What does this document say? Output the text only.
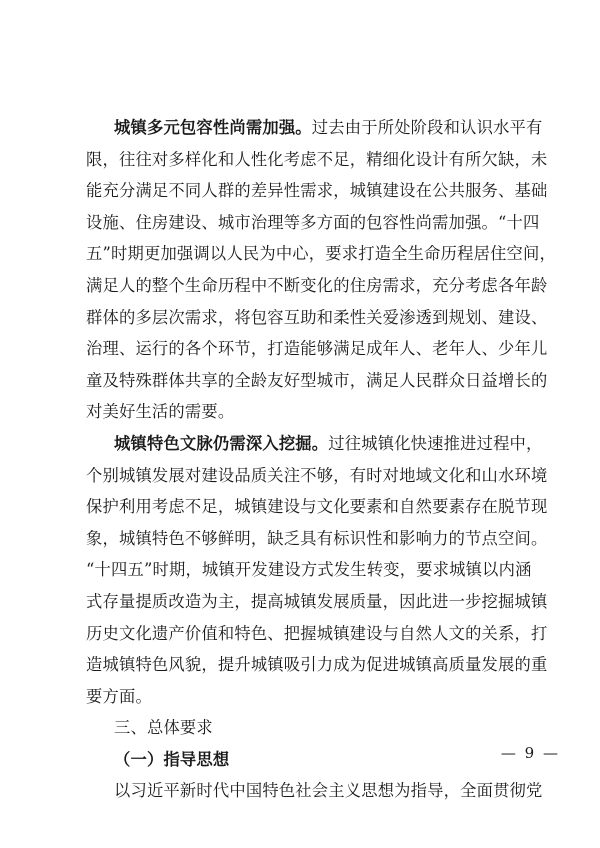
城镇多元包容性尚需加强。过去由于所处阶段和认识水平有
限，往往对多样化和人性化考虑不足，精细化设计有所欠缺，未
能充分满足不同人群的差异性需求，城镇建设在公共服务、基础
设施、住房建设、城市治理等多方面的包容性尚需加强。“十四
五”时期更加强调以人民为中心，要求打造全生命历程居住空间，
满足人的整个生命历程中不断变化的住房需求，充分考虑各年龄
群体的多层次需求，将包容互助和柔性关爱渗透到规划、建设、
治理、运行的各个环节，打造能够满足成年人、老年人、少年儿
童及特殊群体共享的全龄友好型城市，满足人民群众日益增长的
对美好生活的需要。
城镇特色文脉仍需深入挖掘。过往城镇化快速推进过程中，
个别城镇发展对建设品质关注不够，有时对地域文化和山水环境
保护利用考虑不足，城镇建设与文化要素和自然要素存在脱节现
象，城镇特色不够鲜明，缺乏具有标识性和影响力的节点空间。
“十四五”时期，城镇开发建设方式发生转变，要求城镇以内涵
式存量提质改造为主，提高城镇发展质量，因此进一步挖掘城镇
历史文化遗产价值和特色、把握城镇建设与自然人文的关系，打
造城镇特色风貌，提升城镇吸引力成为促进城镇高质量发展的重
要方面。
三、总体要求
（一）指导思想
以习近平新时代中国特色社会主义思想为指导，全面贯彻党
— 9 —
